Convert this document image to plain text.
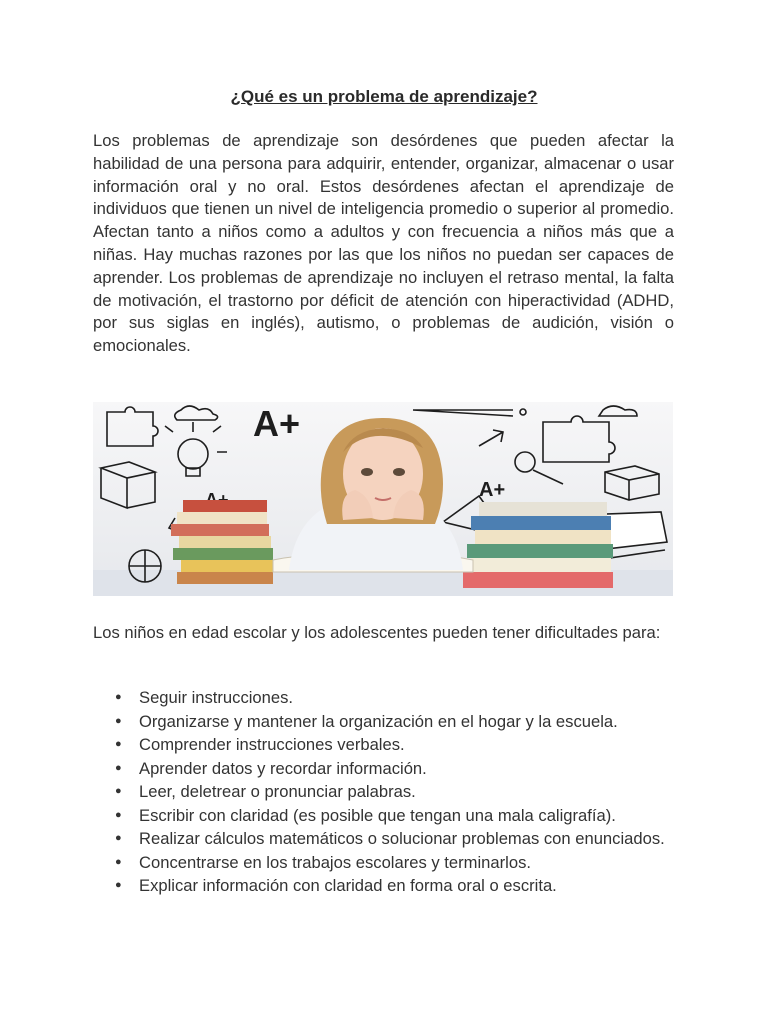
¿Qué es un problema de aprendizaje?

Los problemas de aprendizaje son desórdenes que pueden afectar la habilidad de una persona para adquirir, entender, organizar, almacenar o usar información oral y no oral. Estos desórdenes afectan el aprendizaje de individuos que tienen un nivel de inteligencia promedio o superior al promedio. Afectan tanto a niños como a adultos y con frecuencia a niños más que a niñas. Hay muchas razones por las que los niños no puedan ser capaces de aprender. Los problemas de aprendizaje no incluyen el retraso mental, la falta de motivación, el trastorno por déficit de atención con hiperactividad (ADHD, por sus siglas en inglés), autismo, o problemas de audición, visión o emocionales.

A+
A+

Los niños en edad escolar y los adolescentes pueden tener dificultades para:

● Seguir instrucciones.
● Organizarse y mantener la organización en el hogar y la escuela.
● Comprender instrucciones verbales.
● Aprender datos y recordar información.
● Leer, deletrear o pronunciar palabras.
● Escribir con claridad (es posible que tengan una mala caligrafía).
● Realizar cálculos matemáticos o solucionar problemas con enunciados.
● Concentrarse en los trabajos escolares y terminarlos.
● Explicar información con claridad en forma oral o escrita.
